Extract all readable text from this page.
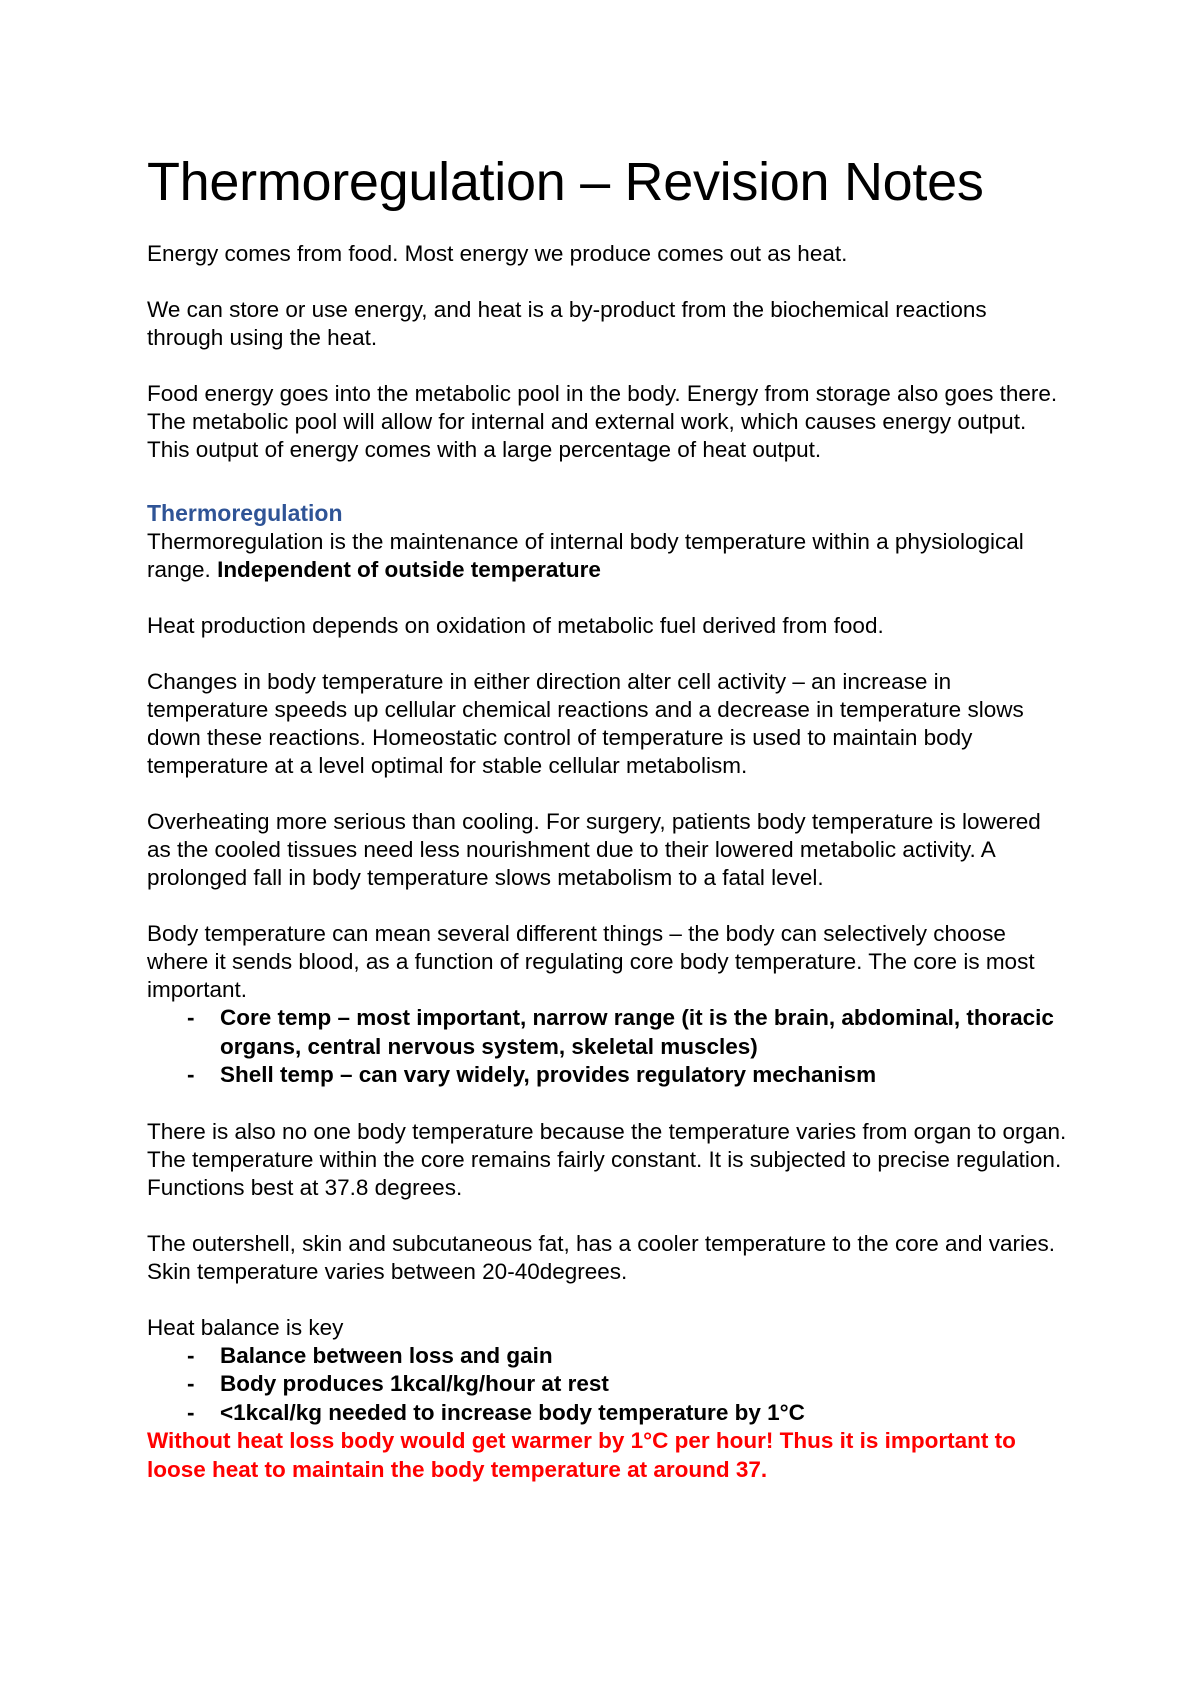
Thermoregulation – Revision Notes

Energy comes from food. Most energy we produce comes out as heat.

We can store or use energy, and heat is a by-product from the biochemical reactions through using the heat.

Food energy goes into the metabolic pool in the body. Energy from storage also goes there. The metabolic pool will allow for internal and external work, which causes energy output. This output of energy comes with a large percentage of heat output.

Thermoregulation

Thermoregulation is the maintenance of internal body temperature within a physiological range. Independent of outside temperature

Heat production depends on oxidation of metabolic fuel derived from food.

Changes in body temperature in either direction alter cell activity – an increase in temperature speeds up cellular chemical reactions and a decrease in temperature slows down these reactions. Homeostatic control of temperature is used to maintain body temperature at a level optimal for stable cellular metabolism.

Overheating more serious than cooling. For surgery, patients body temperature is lowered as the cooled tissues need less nourishment due to their lowered metabolic activity. A prolonged fall in body temperature slows metabolism to a fatal level.

Body temperature can mean several different things – the body can selectively choose where it sends blood, as a function of regulating core body temperature. The core is most important.

- Core temp – most important, narrow range (it is the brain, abdominal, thoracic organs, central nervous system, skeletal muscles)
- Shell temp – can vary widely, provides regulatory mechanism

There is also no one body temperature because the temperature varies from organ to organ. The temperature within the core remains fairly constant. It is subjected to precise regulation. Functions best at 37.8 degrees.

The outershell, skin and subcutaneous fat, has a cooler temperature to the core and varies. Skin temperature varies between 20-40degrees.

Heat balance is key

- Balance between loss and gain
- Body produces 1kcal/kg/hour at rest
- <1kcal/kg needed to increase body temperature by 1°C

Without heat loss body would get warmer by 1°C per hour! Thus it is important to loose heat to maintain the body temperature at around 37.
